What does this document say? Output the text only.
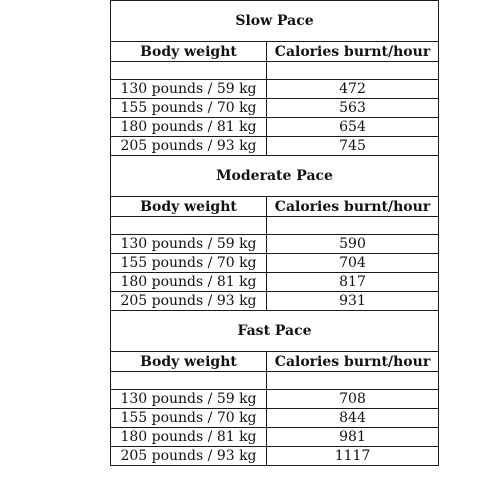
Slow Pace	
Body weight	Calories burnt/hour

130 pounds / 59 kg	472
155 pounds / 70 kg	563
180 pounds / 81 kg	654
205 pounds / 93 kg	745
Moderate Pace	
Body weight	Calories burnt/hour

130 pounds / 59 kg	590
155 pounds / 70 kg	704
180 pounds / 81 kg	817
205 pounds / 93 kg	931
Fast Pace	
Body weight	Calories burnt/hour

130 pounds / 59 kg	708
155 pounds / 70 kg	844
180 pounds / 81 kg	981
205 pounds / 93 kg	1117
